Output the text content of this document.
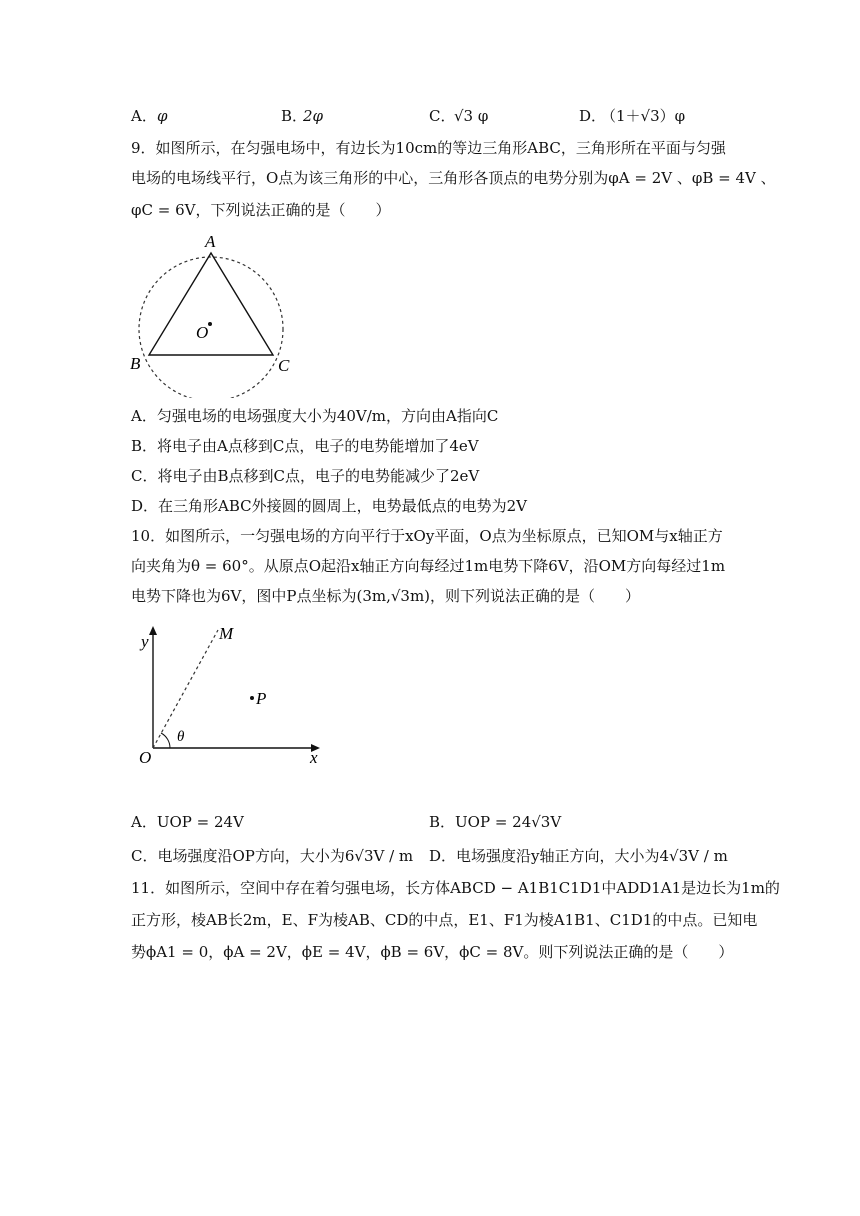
A． φ	B．
2φ	C．
√3 φ	D．
（1＋√3）φ
9．如图所示，在匀强电场中，有边长为10cm的等边三角形ABC，三角形所在平面与匀强
电场的电场线平行，O点为该三角形的中心，三角形各顶点的电势分别为φA = 2V 、φB = 4V 、
φC = 6V，下列说法正确的是（　　）
A
B	C
O
A．匀强电场的电场强度大小为40V/m，方向由A指向C
B．将电子由A点移到C点，电子的电势能增加了4eV
C．将电子由B点移到C点，电子的电势能减少了2eV
D．在三角形ABC外接圆的圆周上，电势最低点的电势为2V
10．如图所示，一匀强电场的方向平行于xOy平面，O点为坐标原点，已知OM与x轴正方
向夹角为θ = 60°。从原点O起沿x轴正方向每经过1m电势下降6V，沿OM方向每经过1m
电势下降也为6V，图中P点坐标为(3m,√3m)，则下列说法正确的是（　　）
y	M
P
θ
O	x
A．UOP = 24V	B．UOP = 24√3V
C．电场强度沿OP方向，大小为6√3V / m D．电场强度沿y轴正方向，大小为4√3V / m
11．如图所示，空间中存在着匀强电场，长方体ABCD − A1B1C1D1中ADD1A1是边长为1m的
正方形，棱AB长2m，E、F为棱AB、CD的中点，E1、F1为棱A1B1、C1D1的中点。已知电
势ϕA1 = 0，ϕA = 2V，ϕE = 4V，ϕB = 6V，ϕC = 8V。则下列说法正确的是（　　）
